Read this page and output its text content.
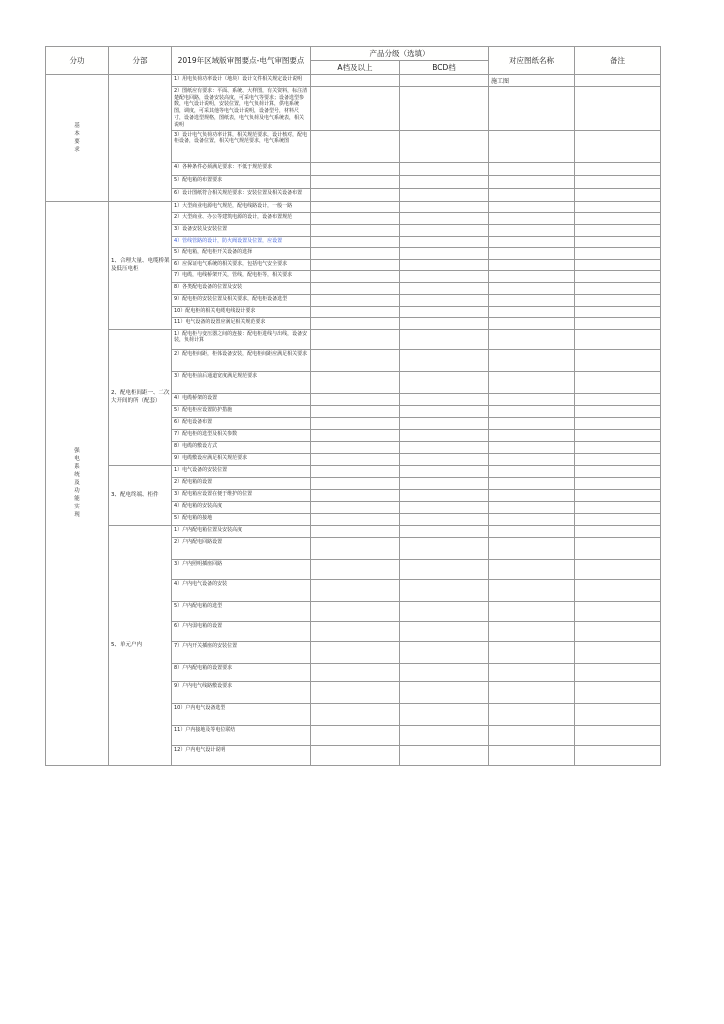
分功	分部	2019年区域版审图要点-电气审图要点	产品分级（选填）		对应图纸名称	备注
			A档及以上	BCD档		
基本要求		1）用电负荷功率设计（地块）设计文件相关规定设计说明			施工图	

		2）图纸应有要求：平面、系统、大样图，有关资料，标注清楚配电回路，设备安装高度，可采电气等要求；设备选型参数，电气设计说明，安装位置，电气负荷计算，供电系统图，调度，可采其他等电气设计说明，设备型号，材料尺寸，设备选型规格，图纸表，电气负荷及电气系统表，相关说明				

		3）设计电气负荷功率计算，相关规范要求，设计核对，配电柜设备，设备位置，相关电气规范要求，电气系统图				

		4）各种条件必须满足要求：不低于规范要求				

		5）配电箱的布置要求				

		6）设计图纸符合相关规范要求：安装位置及相关设备布置				

强电系统及功能实现	1、合理大量、电缆桥架及低压电柜	1）大型商业电源电气规范，配电线路设计，一般一路				

		2）大型商业、办公等建筑电源的设计，设备布置规范				

		3）设备安装及安装位置				

		4）管线管路的设计，防火阀设置及位置，应设置				

		5）配电箱，配电柜开关设备的选择				

		6）应保证电气系统的相关要求，包括电气安全要求				

		7）电缆，电线桥架开关，管线，配电柜等，相关要求				

		8）各类配电设备的位置及安装				

		9）配电柜的安装位置及相关要求，配电柜设备选型				

		10）配电柜的相关电缆电线设计要求				

		11）电气设备的设置应满足相关规范要求				

	2、配电柜间距一、二次大开间的所（配套）	1）配电柜与变压器之间的连接：配电柜进线与出线，设备安装，负荷计算				

		2）配电柜间距，柜体设备安装，配电柜间距应满足相关要求				

		3）配电柜前后通道宽度满足规范要求				

		4）电缆桥架的设置				

		5）配电柜应设置防护措施				

		6）配电设备布置				

		7）配电柜的选型及相关参数				

		8）电缆的敷设方式				

		9）电缆敷设应满足相关规范要求				

	3、配电终端、柜件	1）电气设备的安装位置				

		2）配电箱的设置				

		3）配电箱应设置在便于维护的位置				

		4）配电箱的安装高度				

		5）配电箱的接地				

	5、单元户内	1）户内配电箱位置及安装高度				

		2）户内配电回路设置				

		3）户内照明插座回路				

		4）户内电气设备的安装				

		5）户内配电箱的选型				

		6）户内弱电箱的设置				

		7）户内开关插座的安装位置				

		8）户内配电箱的设置要求				

		9）户内电气线路敷设要求				

		10）户内电气设备选型				

		11）户内接地及等电位联结				

		12）户内电气设计说明				
